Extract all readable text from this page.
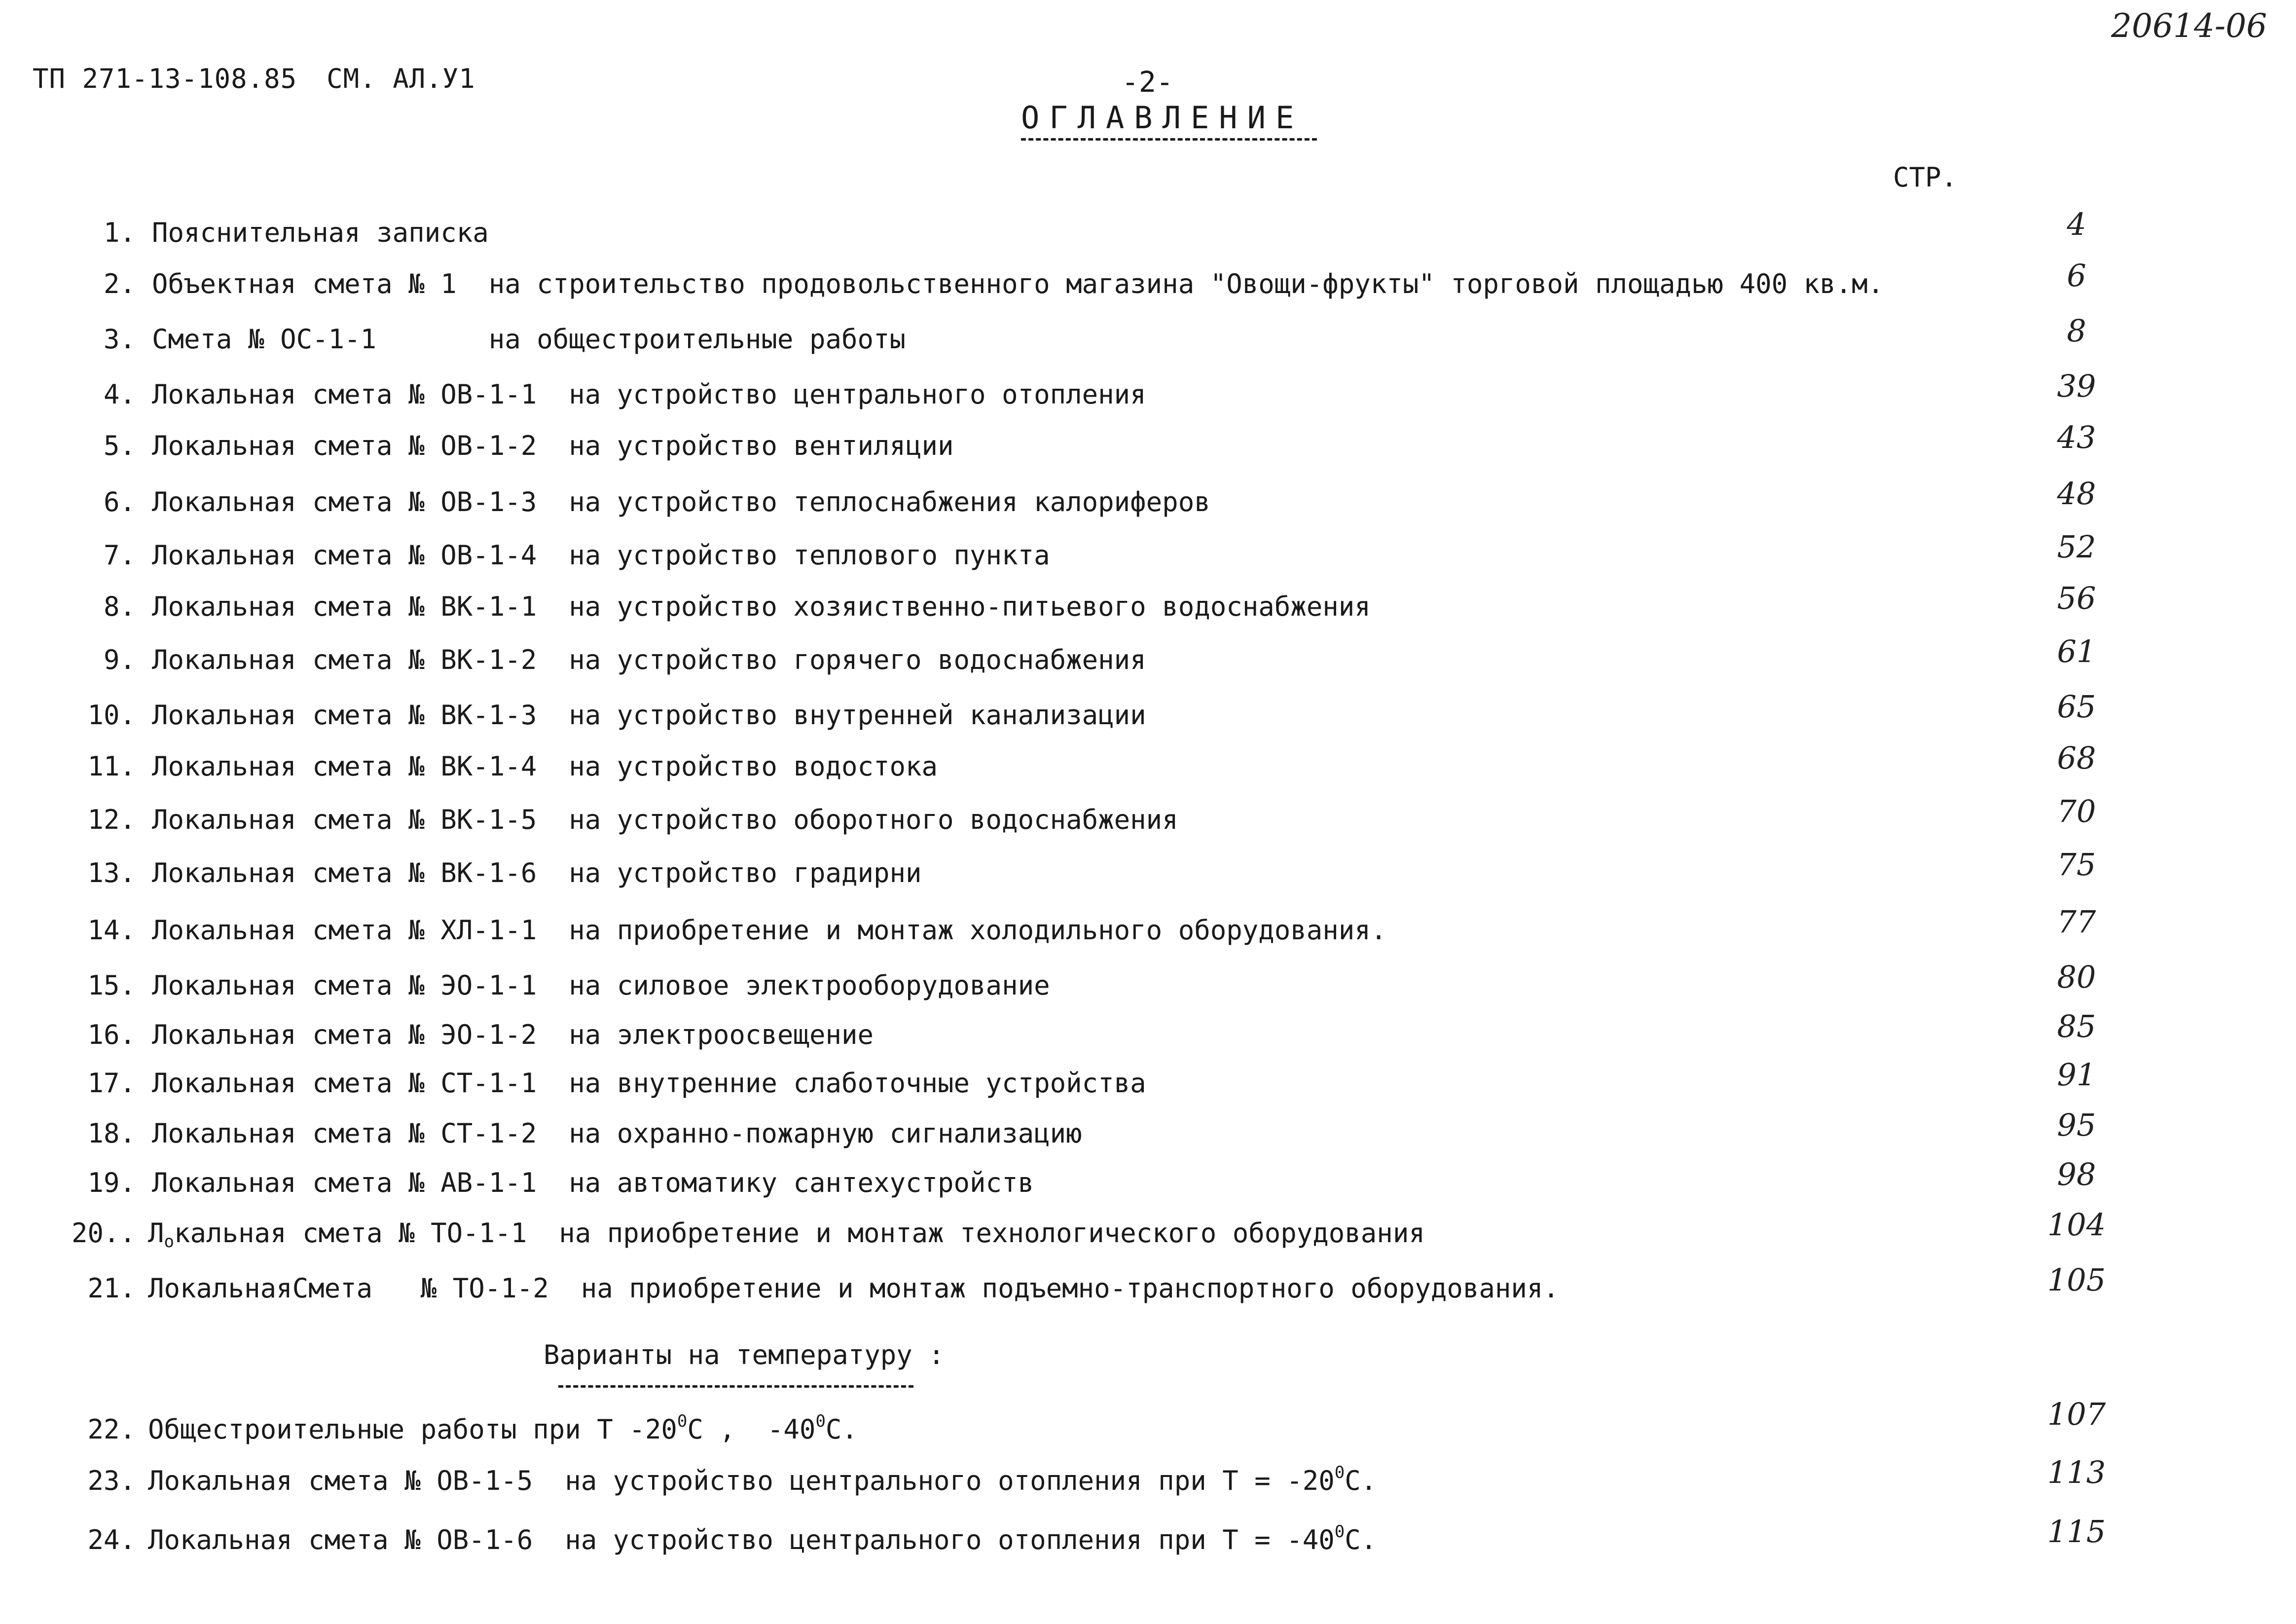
ТП 271-13-108.85 СМ. АЛ.У1
20614-06
-2-
ОГЛАВЛЕНИЕ
СТР.
1. Пояснительная записка	4
2. Объектная смета № 1  на строительство продовольственного магазина "Овощи-фрукты" торговой площадью 400 кв.м.	6
3. Смета № ОС-1-1       на общестроительные работы	8
4. Локальная смета № ОВ-1-1  на устройство центрального отопления	39
5. Локальная смета № ОВ-1-2  на устройство вентиляции	43
6. Локальная смета № ОВ-1-3  на устройство теплоснабжения калориферов	48
7. Локальная смета № ОВ-1-4  на устройство теплового пункта	52
8. Локальная смета № ВК-1-1  на устройство хозяиственно-питьевого водоснабжения	56
9. Локальная смета № ВК-1-2  на устройство горячего водоснабжения	61
10. Локальная смета № ВК-1-3  на устройство внутренней канализации	65
11. Локальная смета № ВК-1-4  на устройство водостока	68
12. Локальная смета № ВК-1-5  на устройство оборотного водоснабжения	70
13. Локальная смета № ВК-1-6  на устройство градирни	75
14. Локальная смета № ХЛ-1-1  на приобретение и монтаж холодильного оборудования.	77
15. Локальная смета № ЭО-1-1  на силовое электрооборудование	80
16. Локальная смета № ЭО-1-2  на электроосвещение	85
17. Локальная смета № СТ-1-1  на внутренние слаботочные устройства	91
18. Локальная смета № СТ-1-2  на охранно-пожарную сигнализацию	95
19. Локальная смета № АВ-1-1  на автоматику сантехустройств	98
20.. $Л_окальная$ смета № ТО-1-1  на приобретение и монтаж технологического оборудования	104
21. ЛокальнаяСмета   № ТО-1-2  на приобретение и монтаж подъемно-транспортного оборудования.	105
Варианты на температуру :
22. Общестроительные работы при Т $-20^0С$ ,  $-40^0С$.	107
23. Локальная смета № ОВ-1-5  на устройство центрального отопления при $Т = -20^0С$.	113
24. Локальная смета № ОВ-1-6  на устройство центрального отопления при $Т = -40^0С$.	115
